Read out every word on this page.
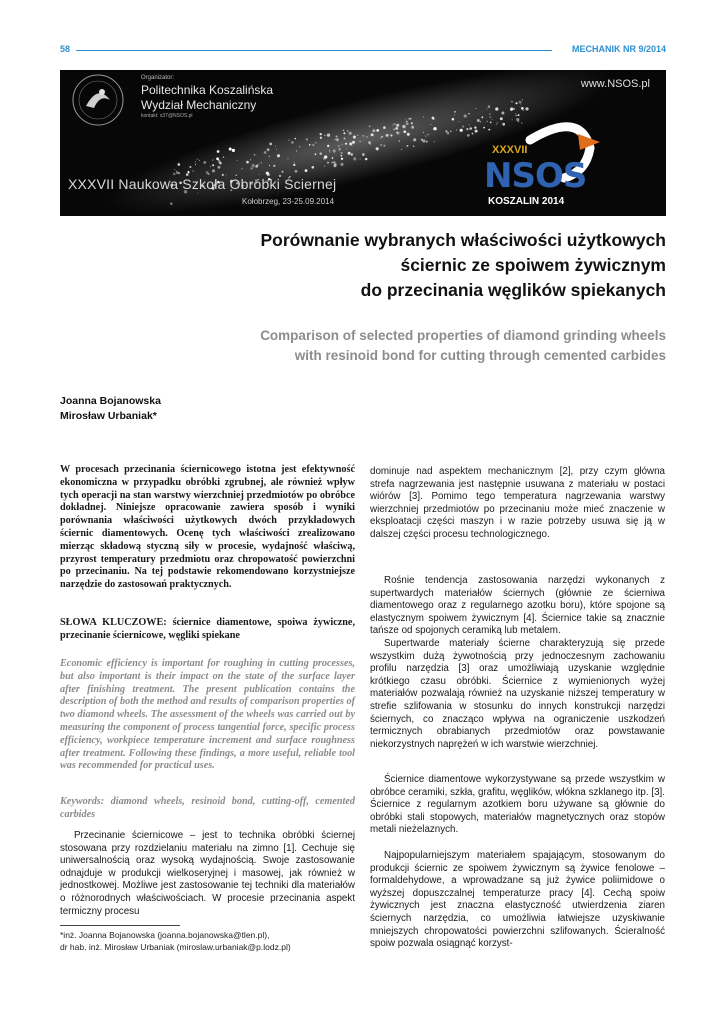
58	MECHANIK NR 9/2014
Organizator:
Politechnika Koszalińska
Wydział Mechaniczny
kontakt: s37@NSOS.pl
www.NSOS.pl
XXXVII Naukowa Szkoła Obróbki Ściernej
Kołobrzeg, 23-25.09.2014
XXXVII
NSOS
KOSZALIN 2014
Porównanie wybranych właściwości użytkowych
ściernic ze spoiwem żywicznym
do przecinania węglików spiekanych
Comparison of selected properties of diamond grinding wheels
with resinoid bond for cutting through cemented carbides
Joanna Bojanowska
Mirosław Urbaniak*
W procesach przecinania ściernicowego istotna jest efektywność ekonomiczna w przypadku obróbki zgrubnej, ale również wpływ tych operacji na stan warstwy wierzchniej przedmiotów po obróbce dokładnej. Niniejsze opracowanie zawiera sposób i wyniki porównania właściwości użytkowych dwóch przykładowych ściernic diamentowych. Ocenę tych właściwości zrealizowano mierząc składową styczną siły w procesie, wydajność właściwą, przyrost temperatury przedmiotu oraz chropowatość powierzchni po przecinaniu. Na tej podstawie rekomendowano korzystniejsze narzędzie do zastosowań praktycznych.
SŁOWA KLUCZOWE: ściernice diamentowe, spoiwa żywiczne, przecinanie ściernicowe, węgliki spiekane
Economic efficiency is important for roughing in cutting processes, but also important is their impact on the state of the surface layer after finishing treatment. The present publication contains the description of both the method and results of comparison properties of two diamond wheels. The assessment of the wheels was carried out by measuring the component of process tangential force, specific process efficiency, workpiece temperature increment and surface roughness after treatment. Following these findings, a more useful, reliable tool was recommended for practical uses.
Keywords: diamond wheels, resinoid bond, cutting-off, cemented carbides
Przecinanie ściernicowe – jest to technika obróbki ściernej stosowana przy rozdzielaniu materiału na zimno [1]. Cechuje się uniwersalnością oraz wysoką wydajnością. Swoje zastosowanie odnajduje w produkcji wielkoseryjnej i masowej, jak również w jednostkowej. Możliwe jest zastosowanie tej techniki dla materiałów o różnorodnych właściwościach. W procesie przecinania aspekt termiczny procesu
*inż. Joanna Bojanowska (joanna.bojanowska@tlen.pl),
dr hab. inż. Mirosław Urbaniak (miroslaw.urbaniak@p.lodz.pl)
dominuje nad aspektem mechanicznym [2], przy czym główna strefa nagrzewania jest następnie usuwana z materiału w postaci wiórów [3]. Pomimo tego temperatura nagrzewania warstwy wierzchniej przedmiotów po przecinaniu może mieć znaczenie w eksploatacji części maszyn i w razie potrzeby usuwa się ją w dalszej części procesu technologicznego.
Rośnie tendencja zastosowania narzędzi wykonanych z supertwardych materiałów ściernych (głównie ze ścierniwa diamentowego oraz z regularnego azotku boru), które spojone są elastycznym spoiwem żywicznym [4]. Ściernice takie są znacznie tańsze od spojonych ceramiką lub metalem.
Supertwarde materiały ścierne charakteryzują się przede wszystkim dużą żywotnością przy jednoczesnym zachowaniu profilu narzędzia [3] oraz umożliwiają uzyskanie względnie krótkiego czasu obróbki. Ściernice z wymienionych wyżej materiałów pozwalają również na uzyskanie niższej temperatury w strefie szlifowania w stosunku do innych konstrukcji narzędzi ściernych, co znacząco wpływa na ograniczenie uszkodzeń termicznych obrabianych przedmiotów oraz powstawanie niekorzystnych naprężeń w ich warstwie wierzchniej.
Ściernice diamentowe wykorzystywane są przede wszystkim w obróbce ceramiki, szkła, grafitu, węglików, włókna szklanego itp. [3]. Ściernice z regularnym azotkiem boru używane są głównie do obróbki stali stopowych, materiałów magnetycznych oraz stopów metali nieżelaznych.
Najpopularniejszym materiałem spajającym, stosowanym do produkcji ściernic ze spoiwem żywicznym są żywice fenolowe – formaldehydowe, a wprowadzane są już żywice poliimidowe o wyższej dopuszczalnej temperaturze pracy [4]. Cechą spoiw żywicznych jest znaczna elastyczność utwierdzenia ziaren ściernych narzędzia, co umożliwia łatwiejsze uzyskiwanie mniejszych chropowatości powierzchni szlifowanych. Ścieralność spoiw pozwala osiągnąć korzyst-
